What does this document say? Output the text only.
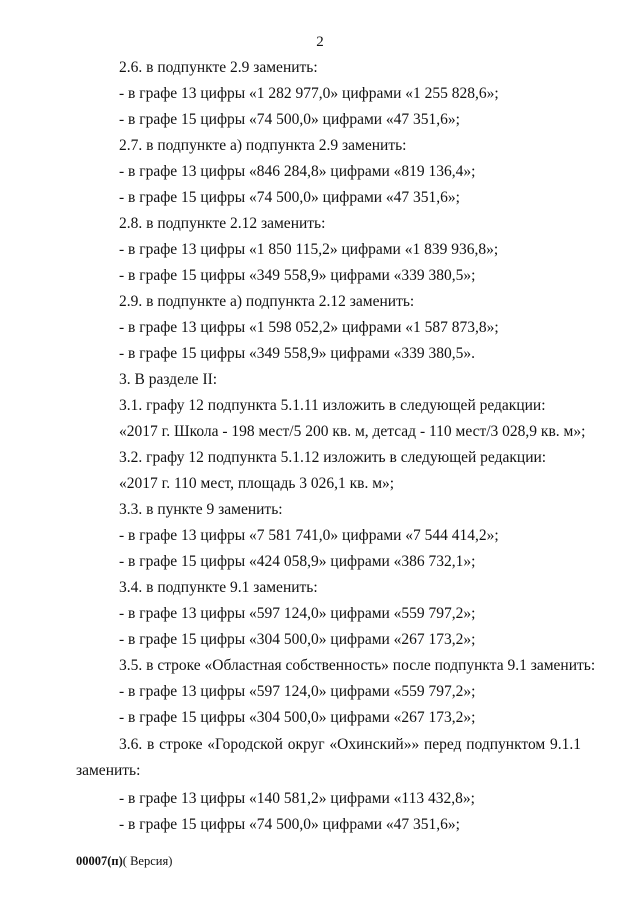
2
2.6. в подпункте 2.9 заменить:
- в графе 13 цифры «1 282 977,0» цифрами «1 255 828,6»;
- в графе 15 цифры «74 500,0» цифрами «47 351,6»;
2.7. в подпункте а) подпункта 2.9 заменить:
- в графе 13 цифры «846 284,8» цифрами «819 136,4»;
- в графе 15 цифры «74 500,0» цифрами «47 351,6»;
2.8. в подпункте 2.12 заменить:
- в графе 13 цифры «1 850 115,2» цифрами «1 839 936,8»;
- в графе 15 цифры «349 558,9» цифрами «339 380,5»;
2.9. в подпункте а) подпункта 2.12 заменить:
- в графе 13 цифры «1 598 052,2» цифрами «1 587 873,8»;
- в графе 15 цифры «349 558,9» цифрами «339 380,5».
3. В разделе II:
3.1. графу 12 подпункта 5.1.11 изложить в следующей редакции:
«2017 г. Школа - 198 мест/5 200 кв. м, детсад - 110 мест/3 028,9 кв. м»;
3.2. графу 12 подпункта 5.1.12 изложить в следующей редакции:
«2017 г. 110 мест, площадь 3 026,1 кв. м»;
3.3. в пункте 9 заменить:
- в графе 13 цифры «7 581 741,0» цифрами «7 544 414,2»;
- в графе 15 цифры «424 058,9» цифрами «386 732,1»;
3.4. в подпункте 9.1 заменить:
- в графе 13 цифры «597 124,0» цифрами «559 797,2»;
- в графе 15 цифры «304 500,0» цифрами «267 173,2»;
3.5. в строке «Областная собственность» после подпункта 9.1 заменить:
- в графе 13 цифры «597 124,0» цифрами «559 797,2»;
- в графе 15 цифры «304 500,0» цифрами «267 173,2»;
3.6. в строке «Городской округ «Охинский»» перед подпунктом 9.1.1
заменить:
- в графе 13 цифры «140 581,2» цифрами «113 432,8»;
- в графе 15 цифры «74 500,0» цифрами «47 351,6»;
00007(п)( Версия)
